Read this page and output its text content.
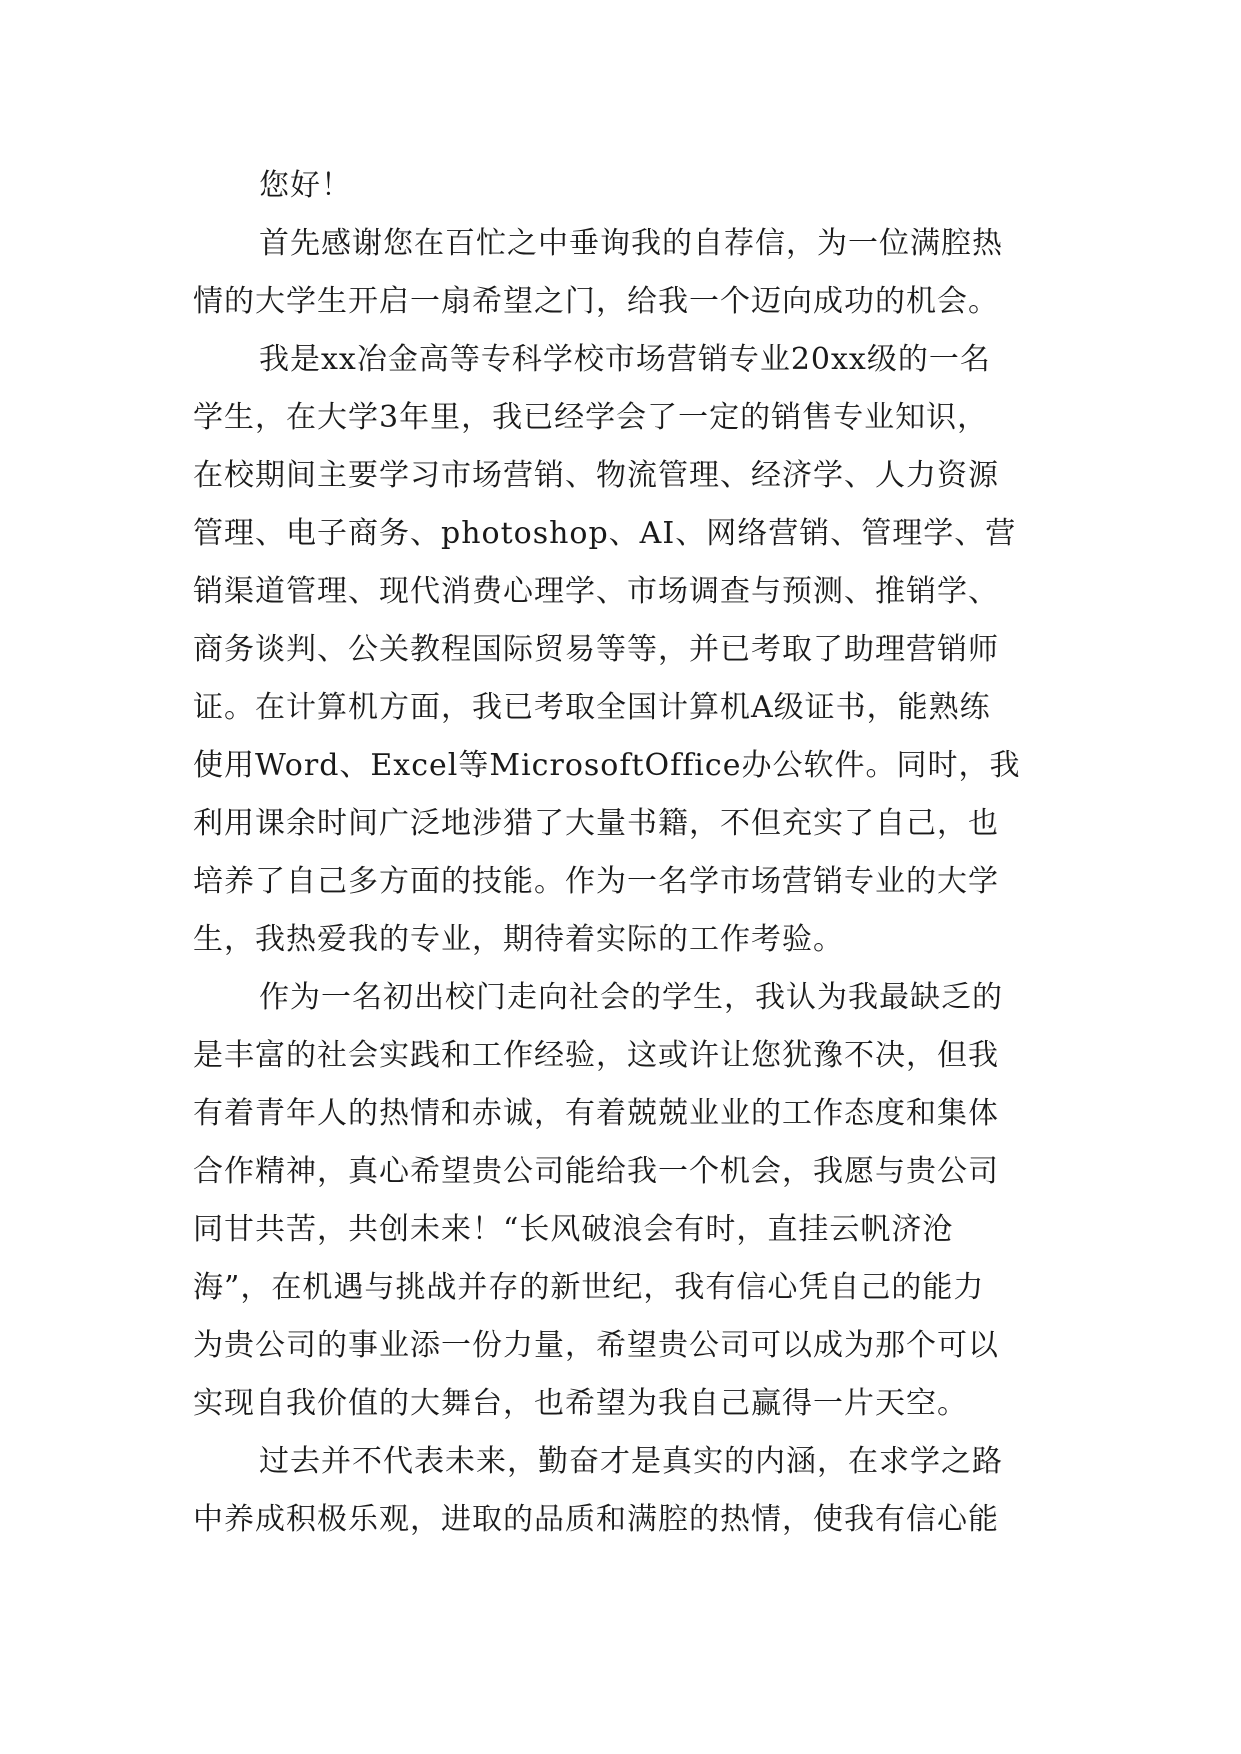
您好！
首先感谢您在百忙之中垂询我的自荐信，为一位满腔热
情的大学生开启一扇希望之门，给我一个迈向成功的机会。
我是xx冶金高等专科学校市场营销专业20xx级的一名
学生，在大学3年里，我已经学会了一定的销售专业知识，
在校期间主要学习市场营销、物流管理、经济学、人力资源
管理、电子商务、photoshop、AI、网络营销、管理学、营
销渠道管理、现代消费心理学、市场调查与预测、推销学、
商务谈判、公关教程国际贸易等等，并已考取了助理营销师
证。在计算机方面，我已考取全国计算机A级证书，能熟练
使用Word、Excel等MicrosoftOffice办公软件。同时，我
利用课余时间广泛地涉猎了大量书籍，不但充实了自己，也
培养了自己多方面的技能。作为一名学市场营销专业的大学
生，我热爱我的专业，期待着实际的工作考验。
作为一名初出校门走向社会的学生，我认为我最缺乏的
是丰富的社会实践和工作经验，这或许让您犹豫不决，但我
有着青年人的热情和赤诚，有着兢兢业业的工作态度和集体
合作精神，真心希望贵公司能给我一个机会，我愿与贵公司
同甘共苦，共创未来！“长风破浪会有时，直挂云帆济沧
海”，在机遇与挑战并存的新世纪，我有信心凭自己的能力
为贵公司的事业添一份力量，希望贵公司可以成为那个可以
实现自我价值的大舞台，也希望为我自己赢得一片天空。
过去并不代表未来，勤奋才是真实的内涵，在求学之路
中养成积极乐观，进取的品质和满腔的热情，使我有信心能
